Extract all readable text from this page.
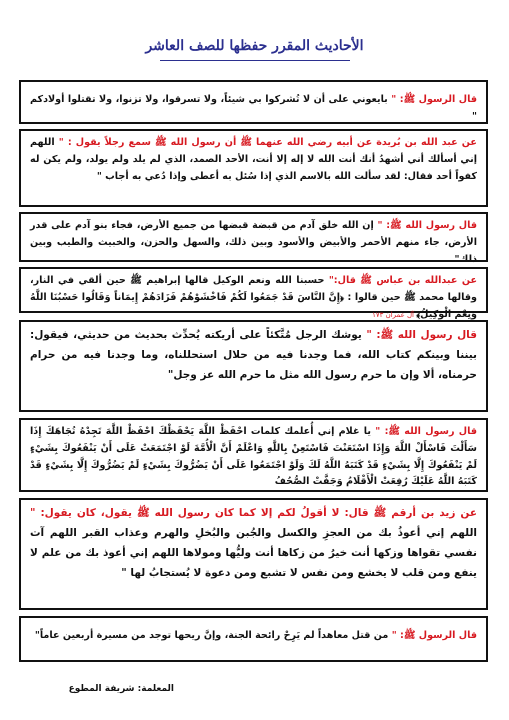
الأحاديث المقرر حفظها للصف العاشر
قال الرسول ﷺ: " بايعوني على أن لا تُشركوا بي شيئاً، ولا تسرقوا، ولا تزنوا، ولا تقتلوا أولادكم "
عن عبد الله بن بُريدة عن أبيه رضي الله عنهما ﷺ أن رسول الله ﷺ سمع رجلاً يقول : " اللهم إني أسألك أني أشهدُ أنك أنت الله لا إله إلا أنت، الأحد الصمد، الذي لم يلد ولم يولد، ولم يكن له كفواً أحد فقال: لقد سألت الله بالاسم الذي إذا سُئل به أعطى وإذا دُعي به أجاب "
قال رسول الله ﷺ: " إن الله خلق آدم من قبضة قبضها من جميع الأرض، فجاء بنو آدم على قدر الأرض، جاء منهم الأحمر والأبيض والأسود وبين ذلك، والسهل والحزن، والخبيث والطيب وبين ذلك"
عن عبدالله بن عباس ﷺ قال:" حسبنا الله ونعم الوكيل قالها إبراهيم ﷺ حين ألقي في النار، وقالها محمد ﷺ حين قالوا : ﴿إِنَّ النَّاسَ قَدْ جَمَعُوا لَكُمْ فَاخْشَوْهُمْ فَزَادَهُمْ إِيمَاناً وَقَالُوا حَسْبُنَا اللَّهُ وَنِعْمَ الْوَكِيلُ﴾ آل عمران ١٧٣
قال رسول الله ﷺ: " يوشك الرجل مُتَّكئاً على أريكته يُحدِّث بحديث من حديثي، فيقول: بيننا وبينكم كتاب الله، فما وجدنا فيه من حلال استحللناه، وما وجدنا فيه من حرام حرمناه، ألا وإن ما حرم رسول الله مثل ما حرم الله عز وجل"
قال رسول الله ﷺ: " يا غلام إني أُعلمك كلمات احْفَظْ اللَّهَ يَحْفَظْكَ احْفَظْ اللَّهَ تَجِدْهُ تُجَاهَكَ إِذَا سَأَلْتَ فَاسْأَلْ اللَّهَ وَإِذَا اسْتَعَنْتَ فَاسْتَعِنْ بِاللَّهِ وَاعْلَمْ أَنَّ الْأُمَّةَ لَوْ اجْتَمَعَتْ عَلَى أَنْ يَنْفَعُوكَ بِشَيْءٍ لَمْ يَنْفَعُوكَ إِلَّا بِشَيْءٍ قَدْ كَتَبَهُ اللَّهُ لَكَ وَلَوْ اجْتَمَعُوا عَلَى أَنْ يَضُرُّوكَ بِشَيْءٍ لَمْ يَضُرُّوكَ إِلَّا بِشَيْءٍ قَدْ كَتَبَهُ اللَّهُ عَلَيْكَ رُفِعَتْ الْأَقْلَامُ وَجَفَّتْ الصُّحُفُ
عن زيد بن أرقم ﷺ قال: لا أقولُ لكم إلا كما كان رسول الله ﷺ يقول، كان يقول: " اللهم إني أعوذُ بك من العجزِ والكسل والجُبن والبُخلِ والهرم وعذاب القبر اللهم آت نفسي تقواها وزكها أنت خيرُ من زكاها أنت وليُّها ومولاها اللهم إني أعوذ بك من علم لا ينفع ومن قلب لا يخشع ومن نفس لا تشبع ومن دعوة لا يُستجابُ لها "
قال الرسول ﷺ: " من قتل معاهداً لم يَرِحْ رائحة الجنة، وإنَّ ريحها توجد من مسيرة أربعين عاماً"
المعلمة: شريفة المطوع
